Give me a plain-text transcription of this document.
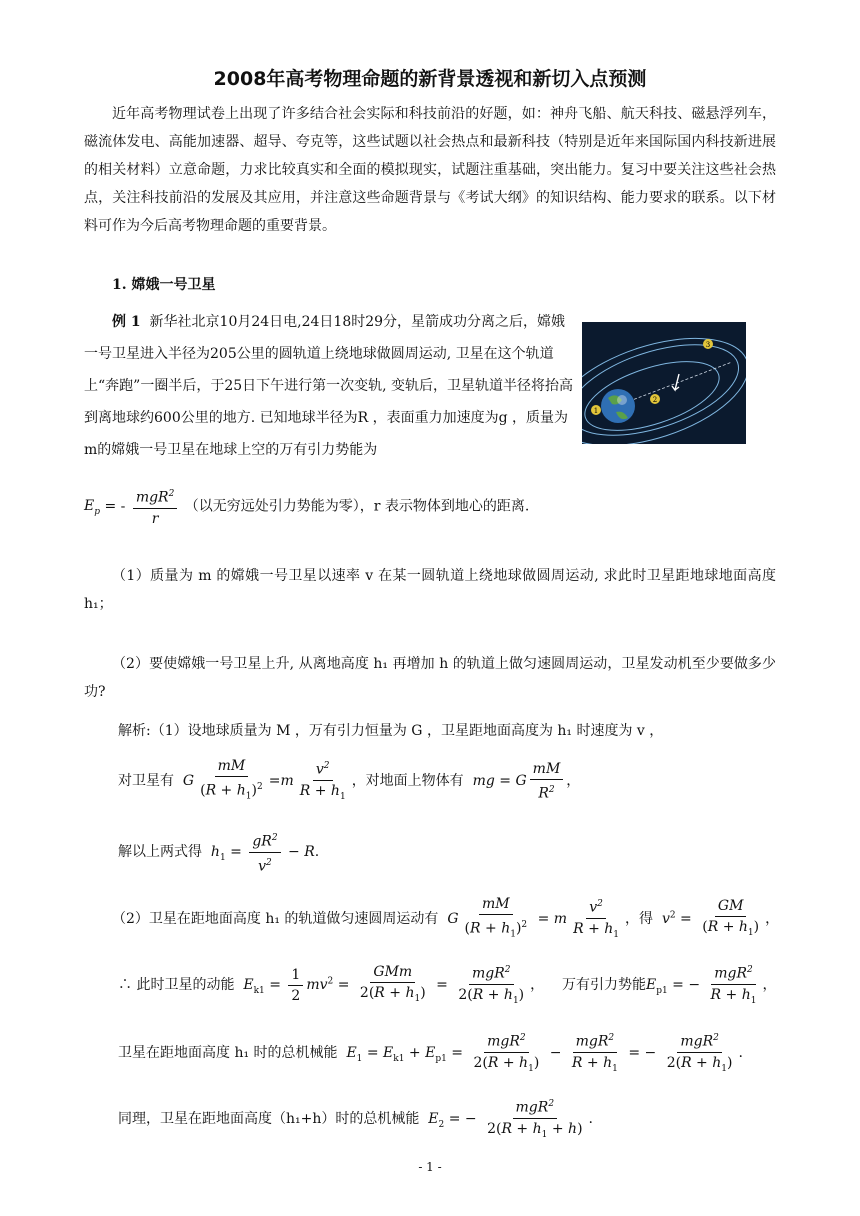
2008年高考物理命题的新背景透视和新切入点预测
近年高考物理试卷上出现了许多结合社会实际和科技前沿的好题，如：神舟飞船、航天科技、磁悬浮列车，磁流体发电、高能加速器、超导、夸克等，这些试题以社会热点和最新科技（特别是近年来国际国内科技新进展的相关材料）立意命题，力求比较真实和全面的模拟现实，试题注重基础，突出能力。复习中要关注这些社会热点，关注科技前沿的发展及其应用，并注意这些命题背景与《考试大纲》的知识结构、能力要求的联系。以下材料可作为今后高考物理命题的重要背景。
1. 嫦娥一号卫星
例 1 新华社北京10月24日电,24日18时29分，星箭成功分离之后，嫦娥一号卫星进入半径为205公里的圆轨道上绕地球做圆周运动, 卫星在这个轨道上“奔跑”一圈半后，于25日下午进行第一次变轨, 变轨后，卫星轨道半径将抬高到离地球约600公里的地方. 已知地球半径为R ，表面重力加速度为g ，质量为m的嫦娥一号卫星在地球上空的万有引力势能为
1
2
3
$E_p$ = - $\frac{mgR^2}{r}$ （以无穷远处引力势能为零），r 表示物体到地心的距离.
（1）质量为 m 的嫦娥一号卫星以速率 v 在某一圆轨道上绕地球做圆周运动, 求此时卫星距地球地面高度 h₁；
（2）要使嫦娥一号卫星上升, 从离地高度 h₁ 再增加 h 的轨道上做匀速圆周运动，卫星发动机至少要做多少功?
解析:（1）设地球质量为 M ，万有引力恒量为 G ，卫星距地面高度为 h₁ 时速度为 v ，
对卫星有 G $\frac{mM}{(R + h_1)^2} =m \frac{v^2}{R + h_1}$ ，对地面上物体有 mg = G $\frac{mM}{R^2}$ ，
解以上两式得 $h_1 = \frac{gR^2}{v^2} - R$.
（2）卫星在距地面高度 h₁ 的轨道做匀速圆周运动有 G $\frac{mM}{(R + h_1)^2} = m \frac{v^2}{R + h_1}$ ，得 $v^2 = \frac{GM}{(R + h_1)}$ ，
∴ 此时卫星的动能 $E_{k1} = \frac{1}{2} mv^2 = \frac{\text{GMm}}{2(R + h_1)} = \frac{mgR^2}{2(R + h_1)}$ ，    万有引力势能$E_{p1}$ = − $\frac{mgR^2}{R + h_1}$ ，
卫星在距地面高度 h₁ 时的总机械能 $E_1 = E_{k1} + E_{p1} = \frac{mgR^2}{2(R + h_1)} - \frac{mgR^2}{R + h_1}$ = − $\frac{mgR^2}{2(R + h_1)}$ .
同理，卫星在距地面高度（h₁+h）时的总机械能 $E_2$ = − $\frac{mgR^2}{2(R + h_1 + h)}$ .
- 1 -
